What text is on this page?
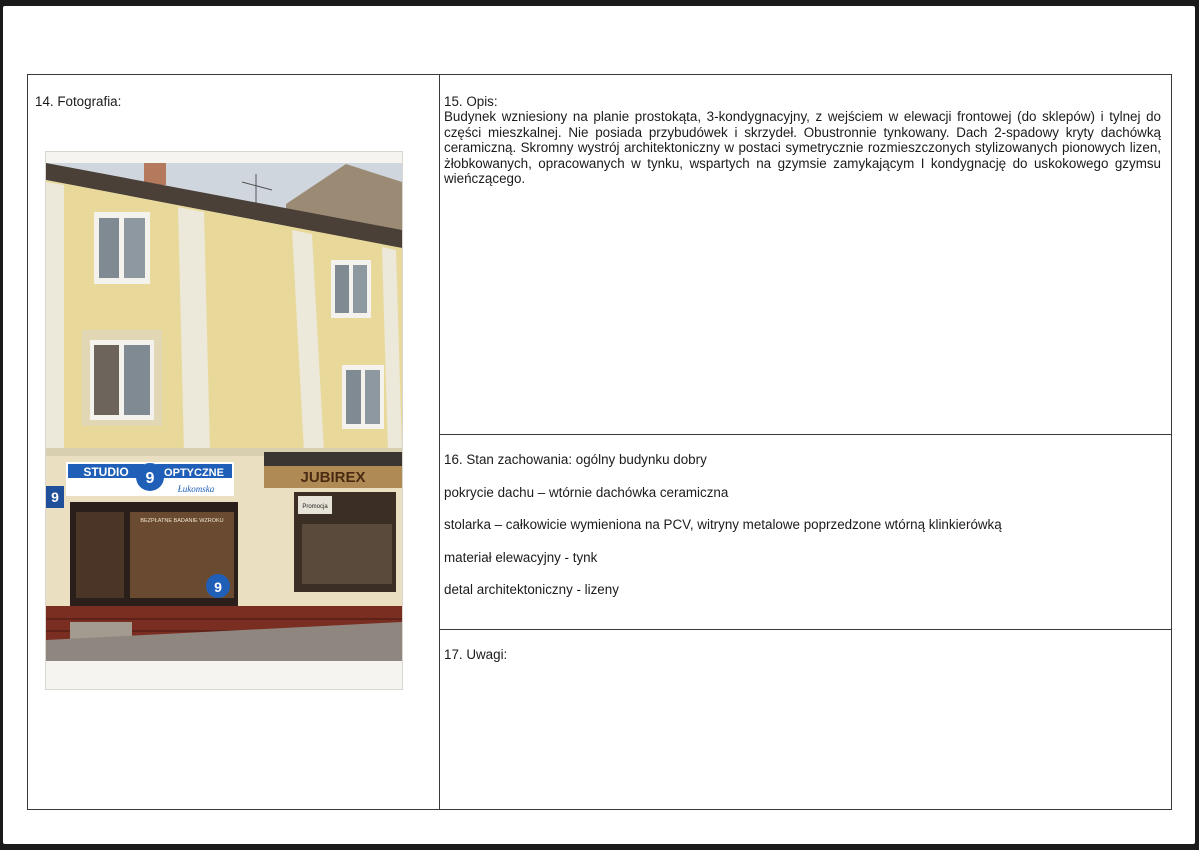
14. Fotografia:
JUBIREX
Promocja
STUDIO	OPTYCZNE
9
Łukomska
9
BEZPŁATNE BADANIE WZROKU
9
15. Opis:
Budynek wzniesiony na planie prostokąta, 3-kondygnacyjny, z wejściem w elewacji frontowej (do sklepów) i tylnej do części mieszkalnej. Nie posiada przybudówek i skrzydeł. Obustronnie tynkowany. Dach 2-spadowy kryty dachówką ceramiczną. Skromny wystrój architektoniczny w postaci symetrycznie rozmieszczonych stylizowanych pionowych lizen, żłobkowanych, opracowanych w tynku, wspartych na gzymsie zamykającym I kondygnację do uskokowego gzymsu wieńczącego.
16. Stan zachowania: ogólny budynku dobry
pokrycie dachu – wtórnie dachówka ceramiczna
stolarka – całkowicie wymieniona na PCV, witryny metalowe poprzedzone wtórną klinkierówką
materiał elewacyjny - tynk
detal architektoniczny - lizeny
17. Uwagi:
